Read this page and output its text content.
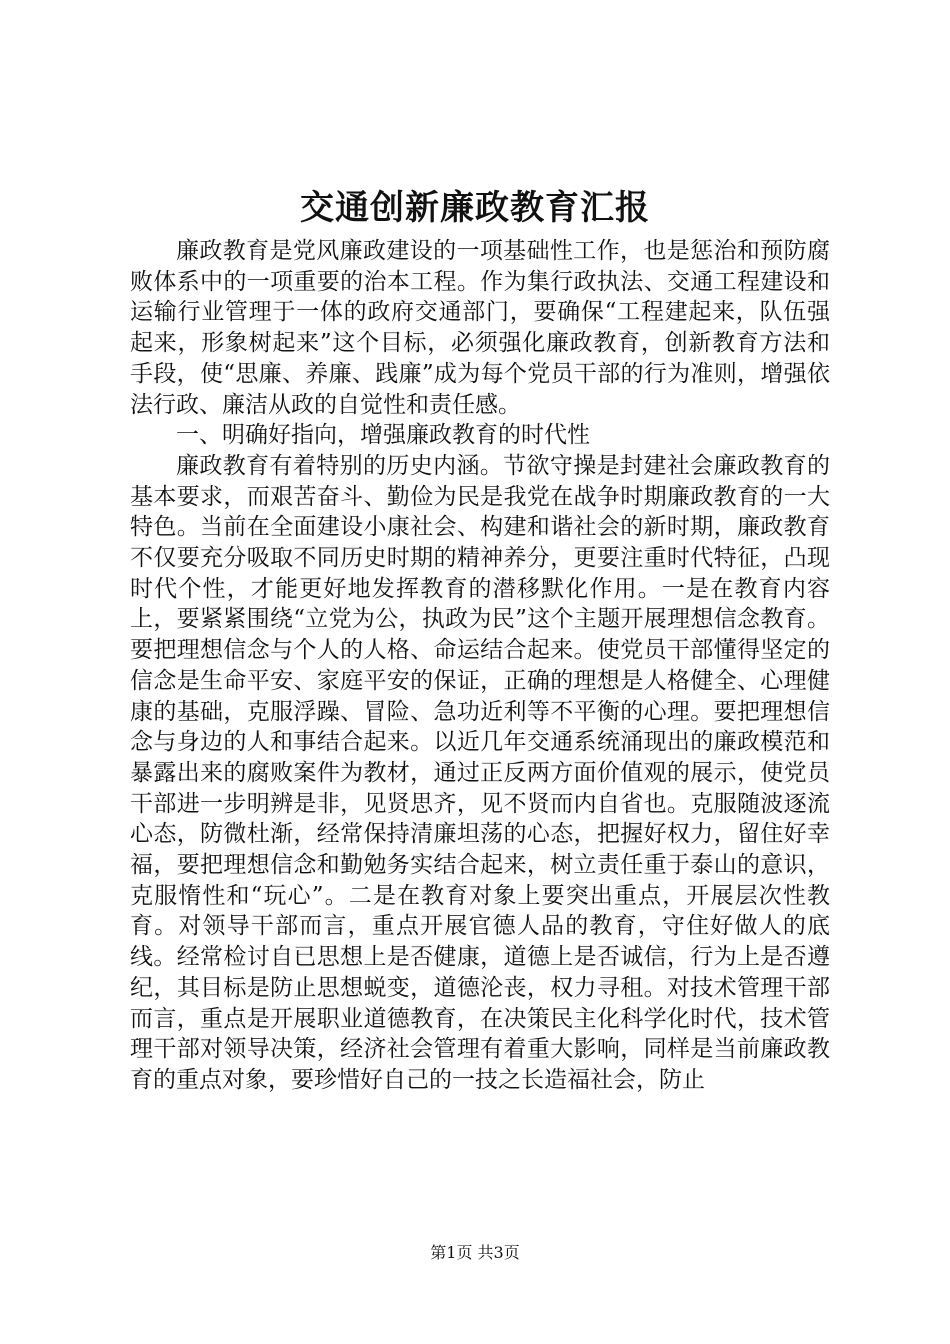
交通创新廉政教育汇报

廉政教育是党风廉政建设的一项基础性工作，也是惩治和预防腐败体系中的一项重要的治本工程。作为集行政执法、交通工程建设和运输行业管理于一体的政府交通部门，要确保“工程建起来，队伍强起来，形象树起来”这个目标，必须强化廉政教育，创新教育方法和手段，使“思廉、养廉、践廉”成为每个党员干部的行为准则，增强依法行政、廉洁从政的自觉性和责任感。

一、明确好指向，增强廉政教育的时代性

廉政教育有着特别的历史内涵。节欲守操是封建社会廉政教育的基本要求，而艰苦奋斗、勤俭为民是我党在战争时期廉政教育的一大特色。当前在全面建设小康社会、构建和谐社会的新时期，廉政教育不仅要充分吸取不同历史时期的精神养分，更要注重时代特征，凸现时代个性，才能更好地发挥教育的潜移默化作用。一是在教育内容上，要紧紧围绕“立党为公，执政为民”这个主题开展理想信念教育。要把理想信念与个人的人格、命运结合起来。使党员干部懂得坚定的信念是生命平安、家庭平安的保证，正确的理想是人格健全、心理健康的基础，克服浮躁、冒险、急功近利等不平衡的心理。要把理想信念与身边的人和事结合起来。以近几年交通系统涌现出的廉政模范和暴露出来的腐败案件为教材，通过正反两方面价值观的展示，使党员干部进一步明辨是非，见贤思齐，见不贤而内自省也。克服随波逐流心态，防微杜渐，经常保持清廉坦荡的心态，把握好权力，留住好幸福，要把理想信念和勤勉务实结合起来，树立责任重于泰山的意识，克服惰性和“玩心”。二是在教育对象上要突出重点，开展层次性教育。对领导干部而言，重点开展官德人品的教育，守住好做人的底线。经常检讨自已思想上是否健康，道德上是否诚信，行为上是否遵纪，其目标是防止思想蜕变，道德沦丧，权力寻租。对技术管理干部而言，重点是开展职业道德教育，在决策民主化科学化时代，技术管理干部对领导决策，经济社会管理有着重大影响，同样是当前廉政教育的重点对象，要珍惜好自己的一技之长造福社会，防止

第1页 共3页
